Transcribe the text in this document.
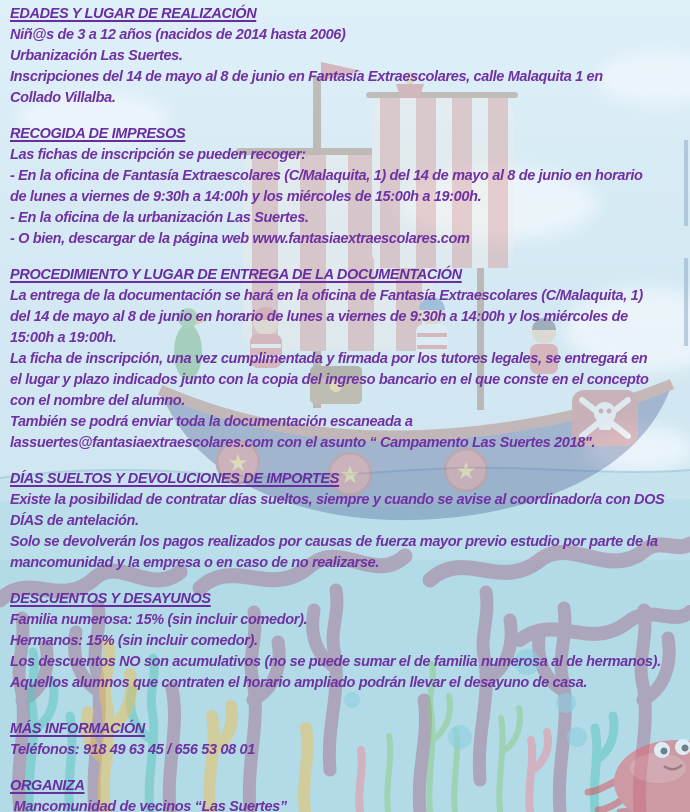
★	★	★
EDADES Y LUGAR DE REALIZACIÓN
Niñ@s de 3 a 12 años (nacidos de 2014 hasta 2006)
Urbanización Las Suertes.
Inscripciones del 14 de mayo al 8 de junio en Fantasía Extraescolares, calle Malaquita 1 en
Collado Villalba.
RECOGIDA DE IMPRESOS
Las fichas de inscripción se pueden recoger:
- En la oficina de Fantasía Extraescolares (C/Malaquita, 1) del 14 de mayo al 8 de junio en horario
de lunes a viernes de 9:30h a 14:00h y los miércoles de 15:00h a 19:00h.
- En la oficina de la urbanización Las Suertes.
- O bien, descargar de la página web www.fantasiaextraescolares.com
PROCEDIMIENTO Y LUGAR DE ENTREGA DE LA DOCUMENTACIÓN
La entrega de la documentación se hará en la oficina de Fantasía Extraescolares (C/Malaquita, 1)
del 14 de mayo al 8 de junio en horario de lunes a viernes de 9:30h a 14:00h y los miércoles de
15:00h a 19:00h.
La ficha de inscripción, una vez cumplimentada y firmada por los tutores legales, se entregará en
el lugar y plazo indicados junto con la copia del ingreso bancario en el que conste en el concepto
con el nombre del alumno.
También se podrá enviar toda la documentación escaneada a
lassuertes@fantasiaextraescolares.com con el asunto “ Campamento Las Suertes 2018".
DÍAS SUELTOS Y DEVOLUCIONES DE IMPORTES
Existe la posibilidad de contratar días sueltos, siempre y cuando se avise al coordinador/a con DOS
DÍAS de antelación.
Solo se devolverán los pagos realizados por causas de fuerza mayor previo estudio por parte de la
mancomunidad y la empresa o en caso de no realizarse.
DESCUENTOS Y DESAYUNOS
Familia numerosa: 15% (sin incluir comedor).
Hermanos: 15% (sin incluir comedor).
Los descuentos NO son acumulativos (no se puede sumar el de familia numerosa al de hermanos).
Aquellos alumnos que contraten el horario ampliado podrán llevar el desayuno de casa.
MÁS INFORMACIÓN
Teléfonos: 918 49 63 45 / 656 53 08 01
ORGANIZA
Mancomunidad de vecinos “Las Suertes”
